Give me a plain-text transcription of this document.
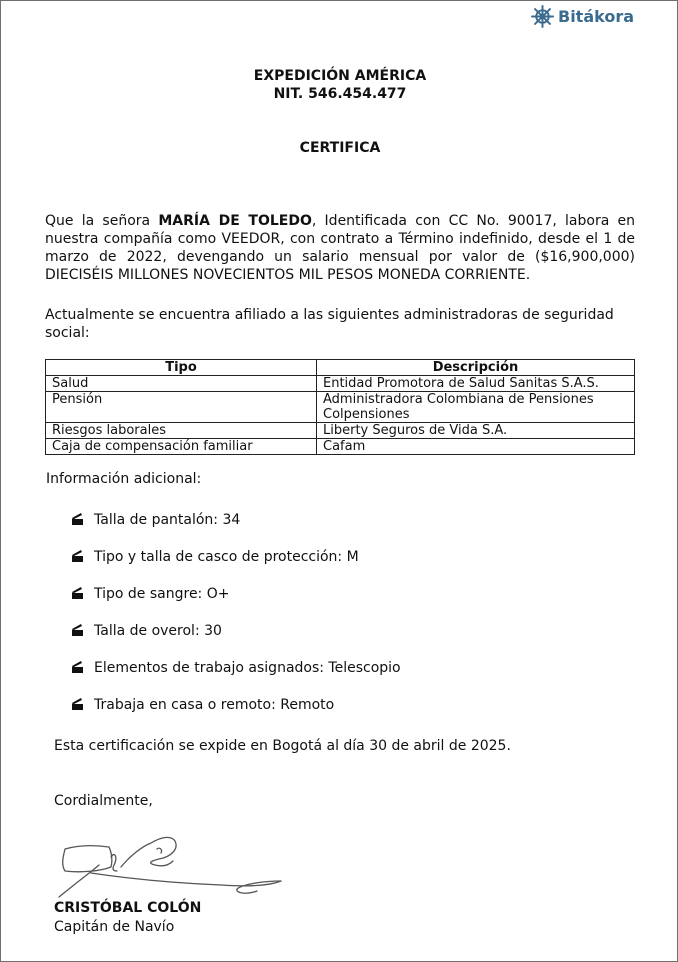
Bitákora
EXPEDICIÓN AMÉRICA
NIT. 546.454.477
CERTIFICA
Que la señora MARÍA DE TOLEDO, Identificada con CC No. 90017, labora en nuestra compañía como VEEDOR, con contrato a Término indefinido, desde el 1 de marzo de 2022, devengando un salario mensual por valor de ($16,900,000) DIECISÉIS MILLONES NOVECIENTOS MIL PESOS MONEDA CORRIENTE.
Actualmente se encuentra afiliado a las siguientes administradoras de seguridad social:
Tipo	Descripción
Salud	Entidad Promotora de Salud Sanitas S.A.S.
Pensión	Administradora Colombiana de Pensiones Colpensiones
Riesgos laborales	Liberty Seguros de Vida S.A.
Caja de compensación familiar	Cafam
Información adicional:
Talla de pantalón: 34
Tipo y talla de casco de protección: M
Tipo de sangre: O+
Talla de overol: 30
Elementos de trabajo asignados: Telescopio
Trabaja en casa o remoto: Remoto
Esta certificación se expide en Bogotá al día 30 de abril de 2025.
Cordialmente,
CRISTÓBAL COLÓN
Capitán de Navío
